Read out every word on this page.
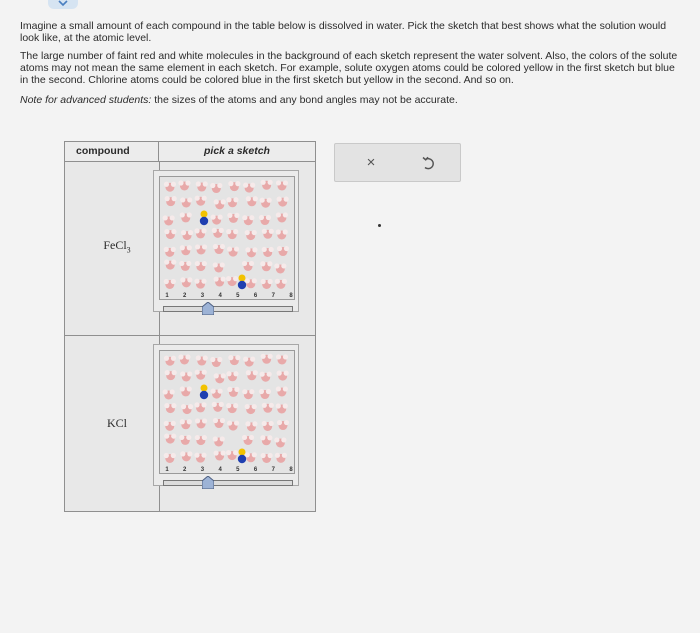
Imagine a small amount of each compound in the table below is dissolved in water. Pick the sketch that best shows what the solution would look like, at the atomic level.

The large number of faint red and white molecules in the background of each sketch represent the water solvent. Also, the colors of the solute atoms may not mean the same element in each sketch. For example, solute oxygen atoms could be colored yellow in the first sketch but blue in the second. Chlorine atoms could be colored blue in the first sketch but yellow in the second. And so on.

Note for advanced students: the sizes of the atoms and any bond angles may not be accurate.

compound	pick a sketch
FeCl$_3$
KCl
1	2	3	4	5	6	7	8
1	2	3	4	5	6	7	8
×
